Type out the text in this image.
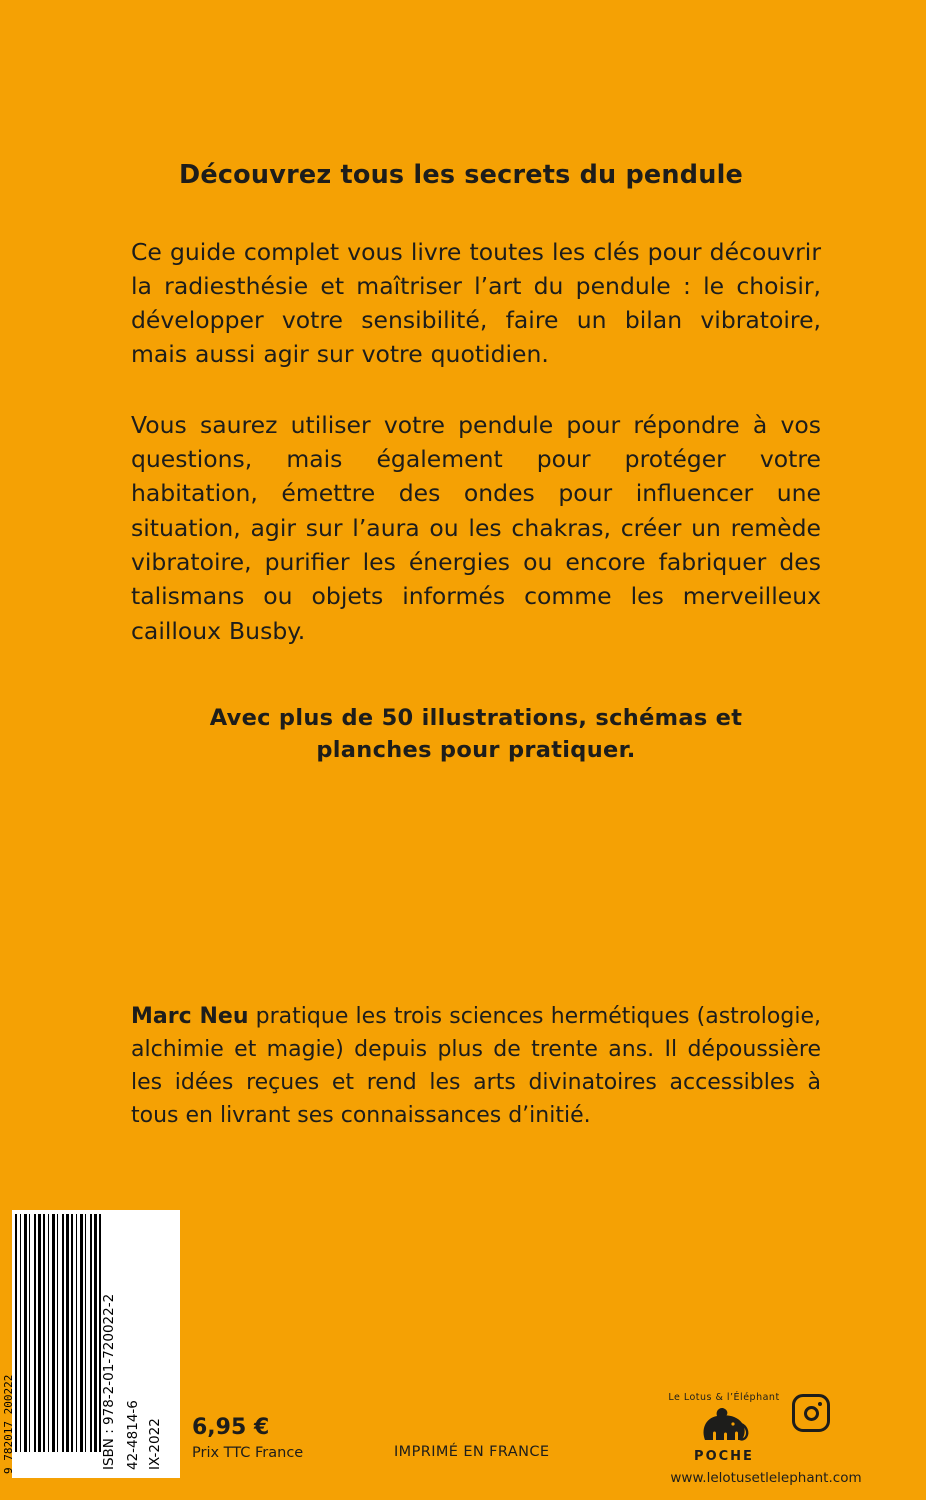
Découvrez tous les secrets du pendule

Ce guide complet vous livre toutes les clés pour découvrir la radiesthésie et maîtriser l’art du pendule : le choisir, développer votre sensibilité, faire un bilan vibratoire, mais aussi agir sur votre quotidien.

Vous saurez utiliser votre pendule pour répondre à vos questions, mais également pour protéger votre habitation, émettre des ondes pour influencer une situation, agir sur l’aura ou les chakras, créer un remède vibratoire, purifier les énergies ou encore fabriquer des talismans ou objets informés comme les merveilleux cailloux Busby.

Avec plus de 50 illustrations, schémas et planches pour pratiquer.

Marc Neu pratique les trois sciences hermétiques (astrologie, alchimie et magie) depuis plus de trente ans. Il dépoussière les idées reçues et rend les arts divinatoires accessibles à tous en livrant ses connaissances d’initié.
9 782017 200222	ISBN : 978-2-01-720022-2 42-4814-6 IX-2022 6,95 €
Prix TTC France	IMPRIMÉ EN FRANCE
Le Lotus & l’Éléphant
POCHE
www.lelotusetlelephant.com
